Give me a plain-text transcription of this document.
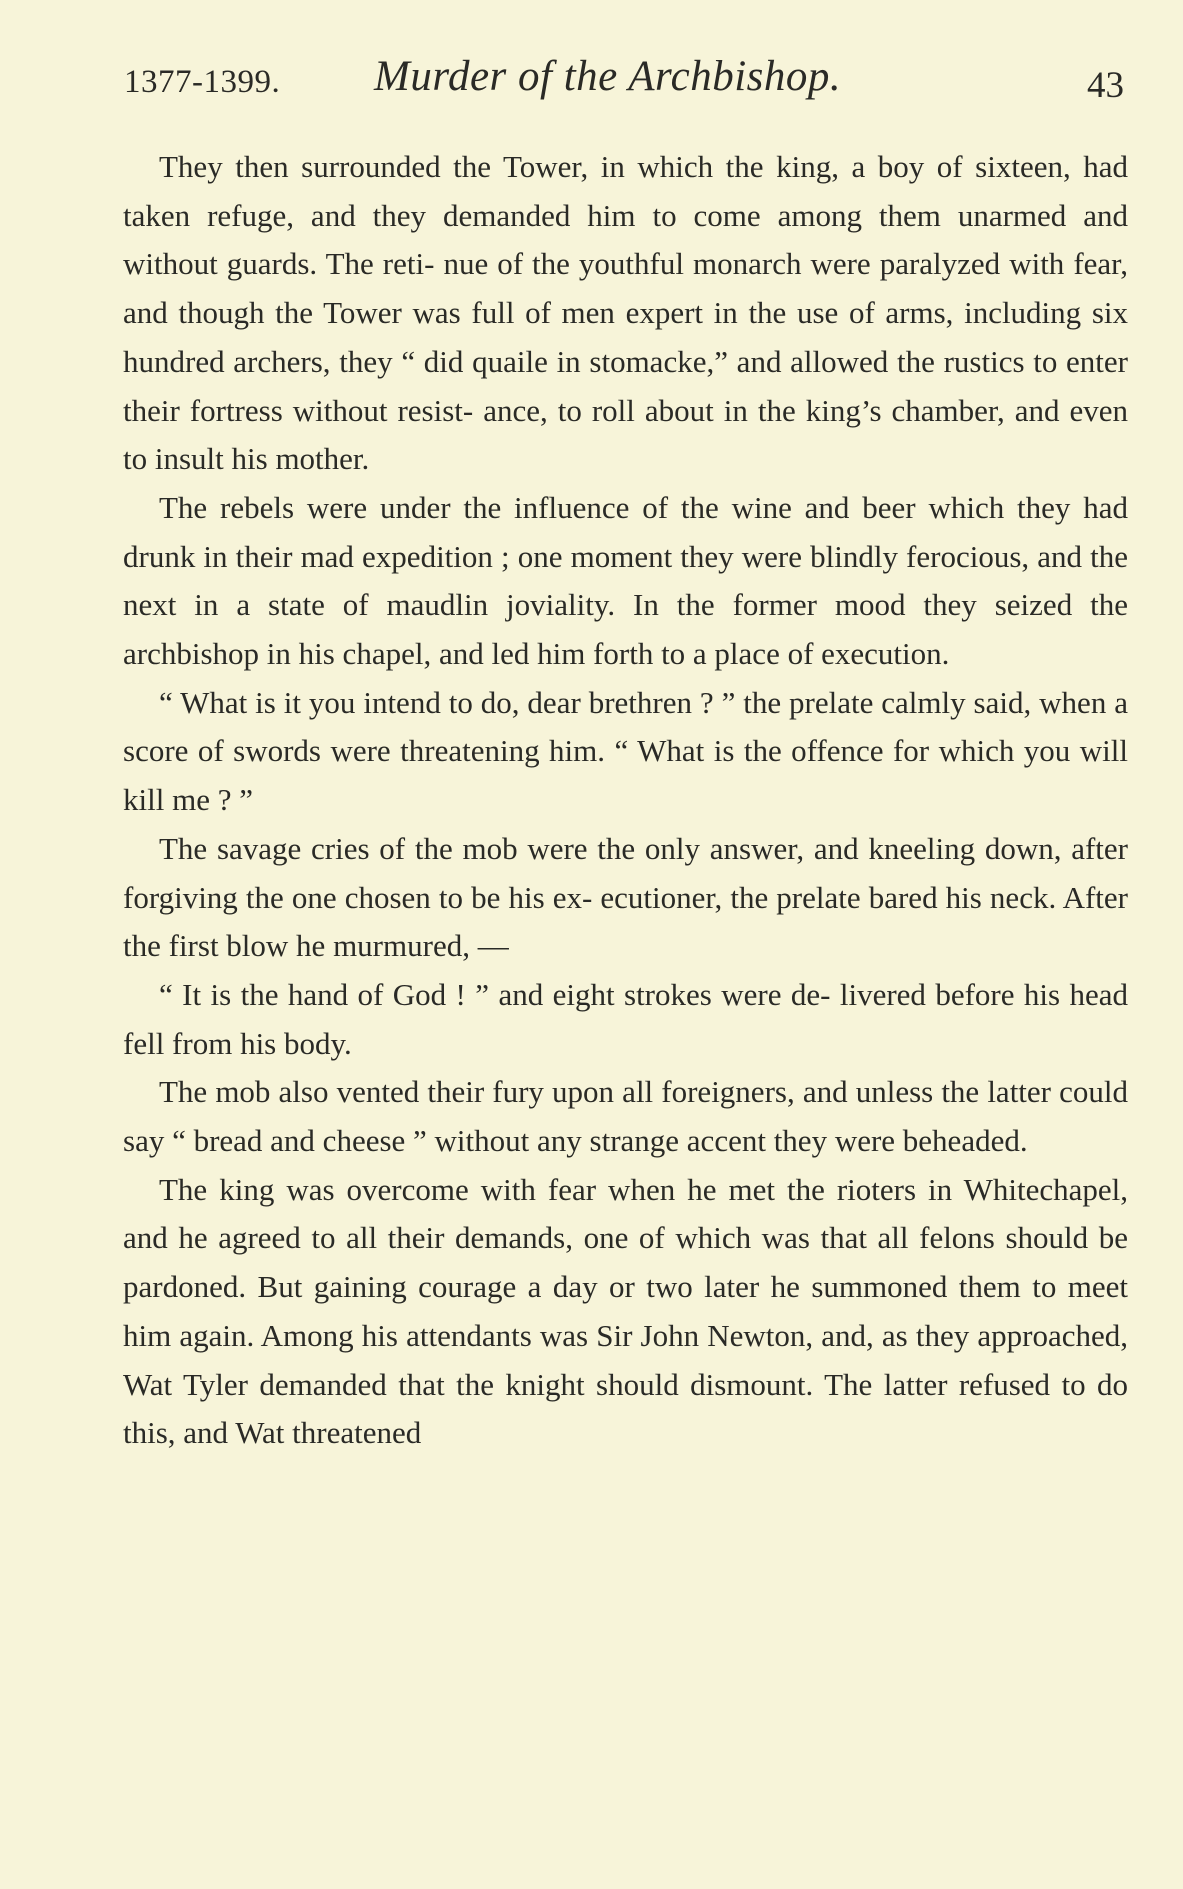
1377-1399. Murder of the Archbishop.	43

They then surrounded the Tower, in which the king, a boy of sixteen, had taken refuge, and they demanded him to come among them unarmed and without guards. The reti- nue of the youthful monarch were paralyzed with fear, and though the Tower was full of men expert in the use of arms, including six hundred archers, they “ did quaile in stomacke,” and allowed the rustics to enter their fortress without resist- ance, to roll about in the king’s chamber, and even to insult his mother.

The rebels were under the influence of the wine and beer which they had drunk in their mad expedition ; one moment they were blindly ferocious, and the next in a state of maudlin joviality. In the former mood they seized the archbishop in his chapel, and led him forth to a place of execution.

“ What is it you intend to do, dear brethren ? ” the prelate calmly said, when a score of swords were threatening him. “ What is the offence for which you will kill me ? ”

The savage cries of the mob were the only answer, and kneeling down, after forgiving the one chosen to be his ex- ecutioner, the prelate bared his neck. After the first blow he murmured, —

“ It is the hand of God ! ” and eight strokes were de- livered before his head fell from his body.

The mob also vented their fury upon all foreigners, and unless the latter could say “ bread and cheese ” without any strange accent they were beheaded.

The king was overcome with fear when he met the rioters in Whitechapel, and he agreed to all their demands, one of which was that all felons should be pardoned. But gaining courage a day or two later he summoned them to meet him again. Among his attendants was Sir John Newton, and, as they approached, Wat Tyler demanded that the knight should dismount. The latter refused to do this, and Wat threatened
